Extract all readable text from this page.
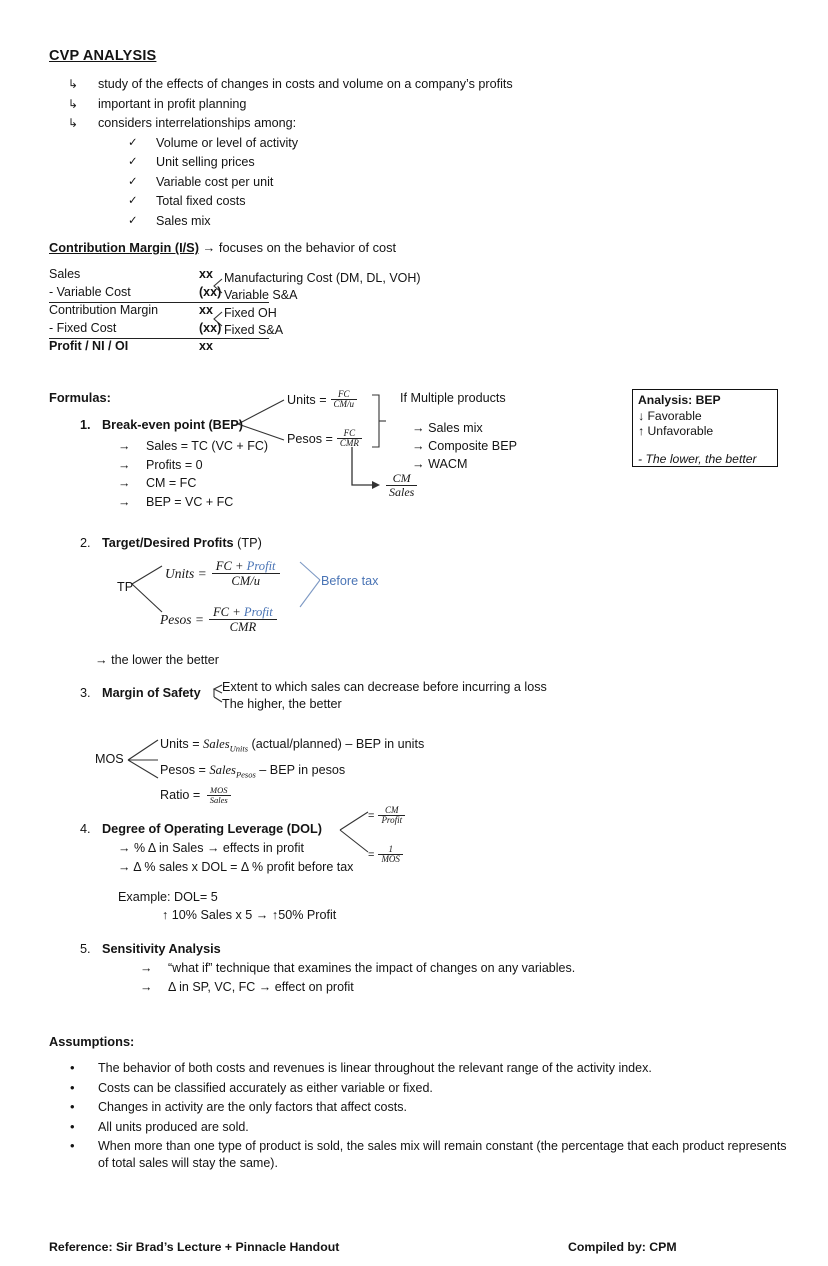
CVP ANALYSIS
↳	study of the effects of changes in costs and volume on a company’s profits
↳	important in profit planning
↳	considers interrelationships among:
✓	Volume or level of activity
✓	Unit selling prices
✓	Variable cost per unit
✓	Total fixed costs
✓	Sales mix
Contribution Margin (I/S) → focuses on the behavior of cost
Sales	xx
- Variable Cost	(xx)
Contribution Margin	xx
- Fixed Cost	(xx)
Profit / NI / OI	xx
Manufacturing Cost (DM, DL, VOH)
Variable S&A
Fixed OH
Fixed S&A
Formulas:
1. Break-even point (BEP)
→	Sales = TC (VC + FC)
→	Profits = 0
→	CM = FC
→	BEP = VC + FC
Units = $\frac{FC}{CM/u}$
Pesos = $\frac{FC}{\text{CMR}}$
If Multiple products
→ Sales mix
→ Composite BEP
→ WACM
$\frac{CM}{\text{Sales}}$
Analysis: BEP
↓ Favorable
↑ Unfavorable
- The lower, the better
2. Target/Desired Profits (TP)
TP
Units = FC + Profit
CM/u
Pesos = FC + Profit
CMR
Before tax
→ the lower the better
3. Margin of Safety Extent to which sales can decrease before incurring a loss
The higher, the better
MOS
Units = Sales$_{Units}$ (actual/planned) – BEP in units
Pesos = Sales$_{Pesos}$ – BEP in pesos
Ratio = MOS
Sales
4. Degree of Operating Leverage (DOL)
→ % Δ in Sales → effects in profit
→ Δ % sales x DOL = Δ % profit before tax
= $\frac{CM}{\text{Profit}}$
= $\frac{1}{\text{MOS}}$
Example: DOL= 5
↑ 10% Sales x 5 → ↑50% Profit
5. Sensitivity Analysis
→	“what if” technique that examines the impact of changes on any variables.
→	Δ in SP, VC, FC → effect on profit
Assumptions:
•	The behavior of both costs and revenues is linear throughout the relevant range of the activity index.
•	Costs can be classified accurately as either variable or fixed.
•	Changes in activity are the only factors that affect costs.
•	All units produced are sold.
•	When more than one type of product is sold, the sales mix will remain constant (the percentage that each product represents of total sales will stay the same).
Reference: Sir Brad’s Lecture + Pinnacle Handout	Compiled by: CPM
